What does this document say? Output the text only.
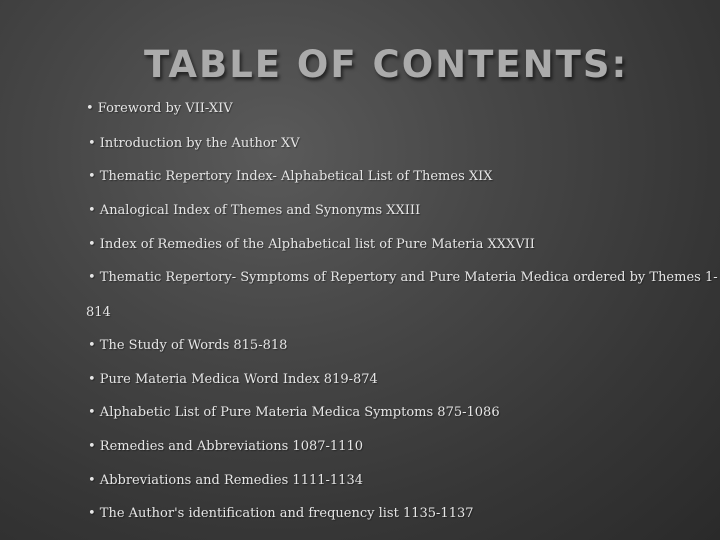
TABLE OF CONTENTS:
• Foreword by VII-XIV
• Introduction by the Author XV
• Thematic Repertory Index- Alphabetical List of Themes XIX
• Analogical Index of Themes and Synonyms XXIII
• Index of Remedies of the Alphabetical list of Pure Materia XXXVII
• Thematic Repertory- Symptoms of Repertory and Pure Materia Medica ordered by Themes 1-
814
• The Study of Words 815-818
• Pure Materia Medica Word Index 819-874
• Alphabetic List of Pure Materia Medica Symptoms 875-1086
• Remedies and Abbreviations 1087-1110
• Abbreviations and Remedies 1111-1134
• The Author's identification and frequency list 1135-1137
